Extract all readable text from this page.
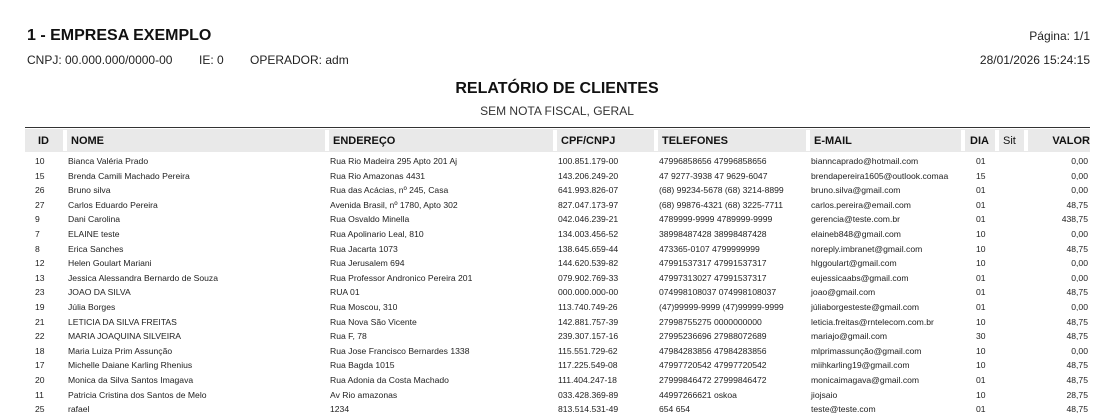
1 - EMPRESA EXEMPLO	Página: 1/1
CNPJ: 00.000.000/0000-00 IE: 0 OPERADOR: adm	28/01/2026 15:24:15
RELATÓRIO DE CLIENTES
SEM NOTA FISCAL, GERAL
ID NOME	ENDEREÇO	CPF/CNPJ	TELEFONES	E-MAIL	DIA Sit	VALOR
10	Bianca Valéria Prado	Rua Rio Madeira 295 Apto 201 Aj	100.851.179-00	47996858656 47996858656	bianncaprado@hotmail.com	01	0,00
15	Brenda Camili Machado Pereira	Rua Rio Amazonas 4431	143.206.249-20	47 9277-3938 47 9629-6047	brendapereira1605@outlook.comaa	15	0,00
26	Bruno silva	Rua das Acácias, nº 245, Casa	641.993.826-07	(68) 99234-5678 (68) 3214-8899	bruno.silva@gmail.com	01	0,00
27	Carlos Eduardo Pereira	Avenida Brasil, nº 1780, Apto 302	827.047.173-97	(68) 99876-4321 (68) 3225-7711	carlos.pereira@email.com	01	48,75
9	Dani Carolina	Rua Osvaldo Minella	042.046.239-21	4789999-9999 4789999-9999	gerencia@teste.com.br	01	438,75
7	ELAINE teste	Rua Apolinario Leal, 810	134.003.456-52	38998487428 38998487428	elaineb848@gmail.com	10	0,00
8	Erica Sanches	Rua Jacarta 1073	138.645.659-44	473365-0107 4799999999	noreply.imbranet@gmail.com	10	48,75
12	Helen Goulart Mariani	Rua Jerusalem 694	144.620.539-82	47991537317 47991537317	hlggoulart@gmail.com	10	0,00
13	Jessica Alessandra Bernardo de Souza	Rua Professor Andronico Pereira 201	079.902.769-33	47997313027 47991537317	eujessicaabs@gmail.com	01	0,00
23	JOAO DA SILVA	RUA 01	000.000.000-00	074998108037 074998108037	joao@gmail.com	01	48,75
19	Júlia Borges	Rua Moscou, 310	113.740.749-26	(47)99999-9999 (47)99999-9999	júliaborgesteste@gmail.com	01	0,00
21	LETICIA DA SILVA FREITAS	Rua Nova São Vicente	142.881.757-39	27998755275 0000000000	leticia.freitas@rntelecom.com.br	10	48,75
22	MARIA JOAQUINA SILVEIRA	Rua F, 78	239.307.157-16	27995236696 27988072689	mariajo@gmail.com	30	48,75
18	Maria Luiza Prim Assunção	Rua Jose Francisco Bernardes 1338	115.551.729-62	47984283856 47984283856	mlprimassunção@gmail.com	10	0,00
17	Michelle Daiane Karling Rhenius	Rua Bagda 1015	117.225.549-08	47997720542 47997720542	miihkarling19@gmail.com	10	48,75
20	Monica da Silva Santos Imagava	Rua Adonia da Costa Machado	111.404.247-18	27999846472 27999846472	monicaimagava@gmail.com	01	48,75
11	Patricia Cristina dos Santos de Melo	Av Rio amazonas	033.428.369-89	44997266621 oskoa	jiojsaio	10	28,75
25	rafael	1234	813.514.531-49	654 654	teste@teste.com	01	48,75
